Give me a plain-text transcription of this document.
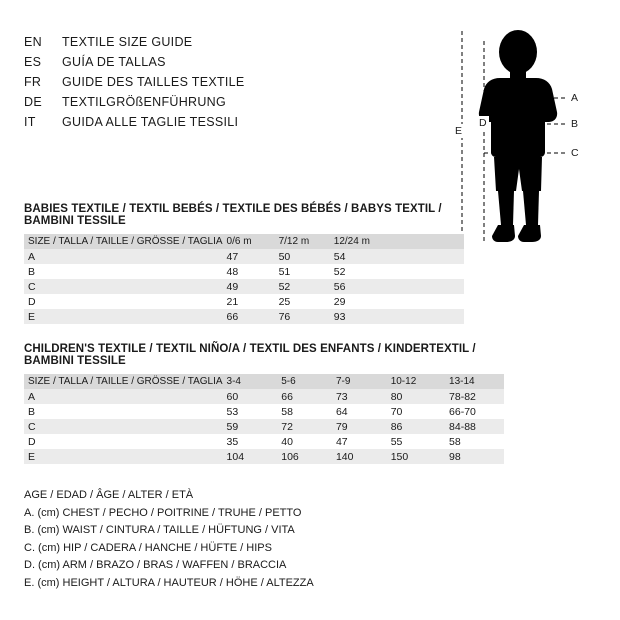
EN	TEXTILE SIZE GUIDE
ES	GUÍA DE TALLAS
FR	GUIDE DES TAILLES TEXTILE
DE	TEXTILGRÖßENFÜHRUNG
IT	GUIDA ALLE TAGLIE TESSILI
A
B
C
D
E
BABIES TEXTILE / TEXTIL BEBÉS / TEXTILE DES BÉBÉS / BABYS TEXTIL / BAMBINI TESSILE
SIZE / TALLA / TAILLE / GRÖSSE / TAGLIA	0/6 m	7/12 m	12/24 m		
A	47	50	54		
B	48	51	52		
C	49	52	56		
D	21	25	29		
E	66	76	93		
CHILDREN'S TEXTILE / TEXTIL NIÑO/A / TEXTIL DES ENFANTS / KINDERTEXTIL / BAMBINI TESSILE
SIZE / TALLA / TAILLE / GRÖSSE / TAGLIA	3-4	5-6	7-9	10-12	13-14
A	60	66	73	80	78-82
B	53	58	64	70	66-70
C	59	72	79	86	84-88
D	35	40	47	55	58
E	104	106	140	150	98
AGE / EDAD / ÂGE / ALTER / ETÀ
A. (cm) CHEST / PECHO / POITRINE / TRUHE / PETTO
B. (cm) WAIST / CINTURA / TAILLE / HÜFTUNG / VITA
C. (cm) HIP / CADERA / HANCHE / HÜFTE / HIPS
D. (cm) ARM / BRAZO / BRAS / WAFFEN / BRACCIA
E. (cm) HEIGHT / ALTURA / HAUTEUR / HÖHE / ALTEZZA
